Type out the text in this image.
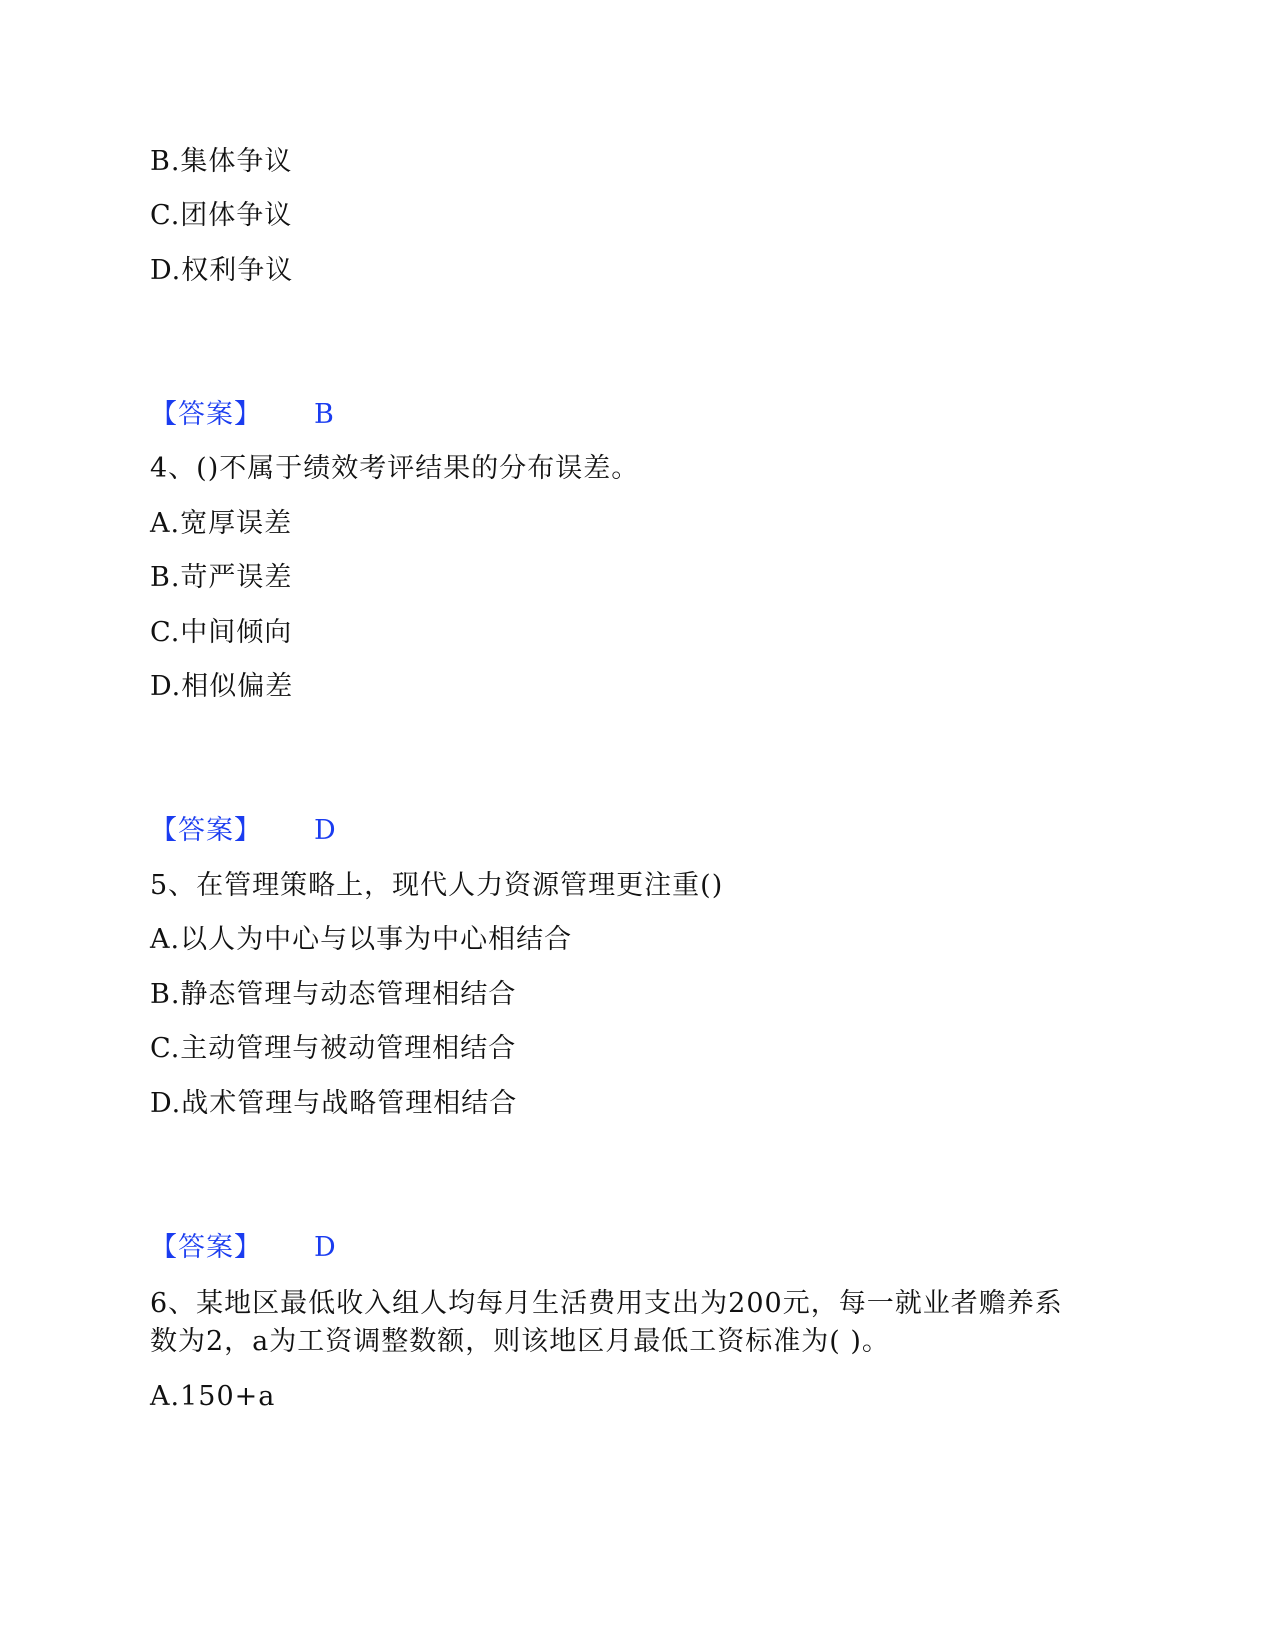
B.集体争议
C.团体争议
D.权利争议
【答案】 B
4、()不属于绩效考评结果的分布误差。
A.宽厚误差
B.苛严误差
C.中间倾向
D.相似偏差
【答案】 D
5、在管理策略上，现代人力资源管理更注重()
A.以人为中心与以事为中心相结合
B.静态管理与动态管理相结合
C.主动管理与被动管理相结合
D.战术管理与战略管理相结合
【答案】 D
6、某地区最低收入组人均每月生活费用支出为200元，每一就业者赡养系
数为2，a为工资调整数额，则该地区月最低工资标准为( )。
A.150+a
